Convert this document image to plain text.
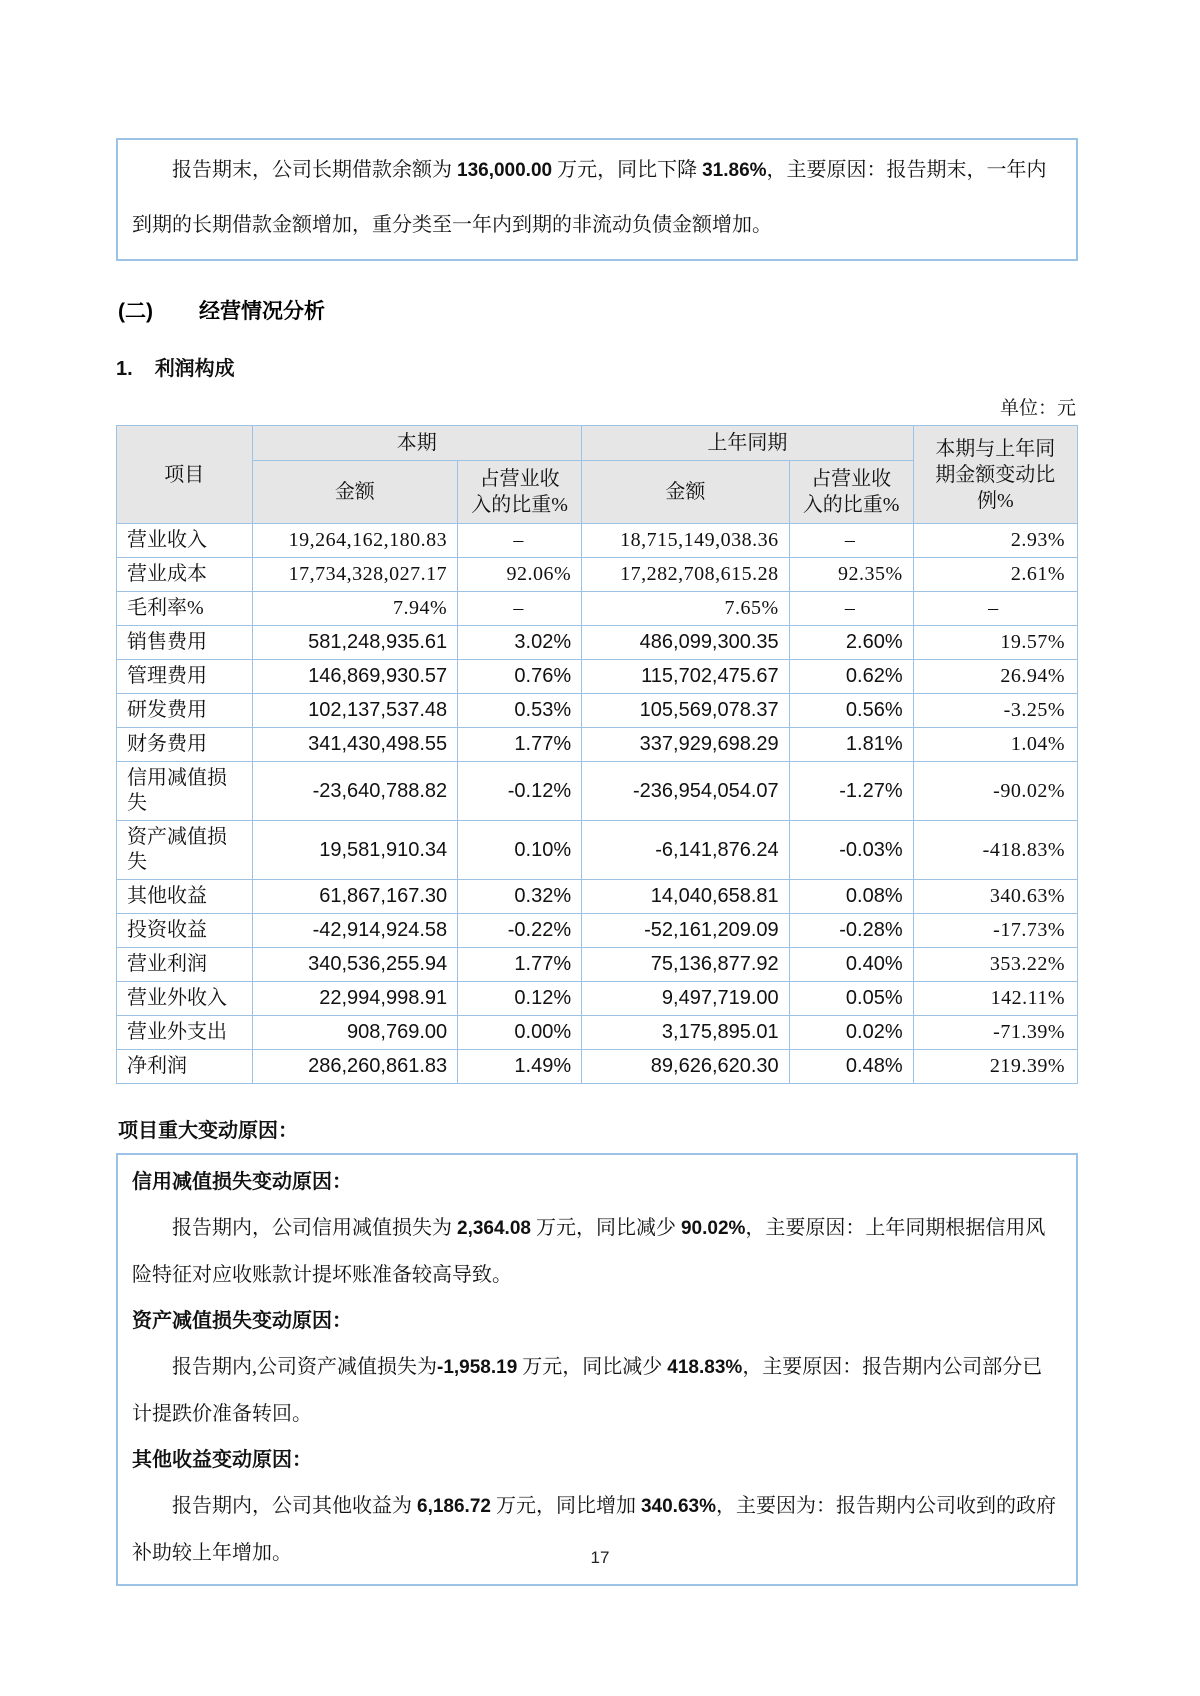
报告期末，公司长期借款余额为 136,000.00 万元，同比下降 31.86%，主要原因：报告期末，一年内到期的长期借款金额增加，重分类至一年内到期的非流动负债金额增加。

(二) 经营情况分析
1. 利润构成
单位：元
项目	本期		上年同期		本期与上年同期金额变动比例%
	金额	占营业收入的比重%	金额	占营业收入的比重%	
营业收入	19,264,162,180.83	–	18,715,149,038.36	–	2.93%
营业成本	17,734,328,027.17	92.06%	17,282,708,615.28	92.35%	2.61%
毛利率%	7.94%	–	7.65%	–	–
销售费用	581,248,935.61	3.02%	486,099,300.35	2.60%	19.57%
管理费用	146,869,930.57	0.76%	115,702,475.67	0.62%	26.94%
研发费用	102,137,537.48	0.53%	105,569,078.37	0.56%	-3.25%
财务费用	341,430,498.55	1.77%	337,929,698.29	1.81%	1.04%
信用减值损失	-23,640,788.82	-0.12%	-236,954,054.07	-1.27%	-90.02%
资产减值损失	19,581,910.34	0.10%	-6,141,876.24	-0.03%	-418.83%
其他收益	61,867,167.30	0.32%	14,040,658.81	0.08%	340.63%
投资收益	-42,914,924.58	-0.22%	-52,161,209.09	-0.28%	-17.73%
营业利润	340,536,255.94	1.77%	75,136,877.92	0.40%	353.22%
营业外收入	22,994,998.91	0.12%	9,497,719.00	0.05%	142.11%
营业外支出	908,769.00	0.00%	3,175,895.01	0.02%	-71.39%
净利润	286,260,861.83	1.49%	89,626,620.30	0.48%	219.39%
项目重大变动原因：

信用减值损失变动原因：

报告期内，公司信用减值损失为 2,364.08 万元，同比减少 90.02%，主要原因：上年同期根据信用风险特征对应收账款计提坏账准备较高导致。

资产减值损失变动原因：

报告期内,公司资产减值损失为-1,958.19 万元，同比减少 418.83%，主要原因：报告期内公司部分已计提跌价准备转回。

其他收益变动原因：

报告期内，公司其他收益为 6,186.72 万元，同比增加 340.63%，主要因为：报告期内公司收到的政府补助较上年增加。	17
